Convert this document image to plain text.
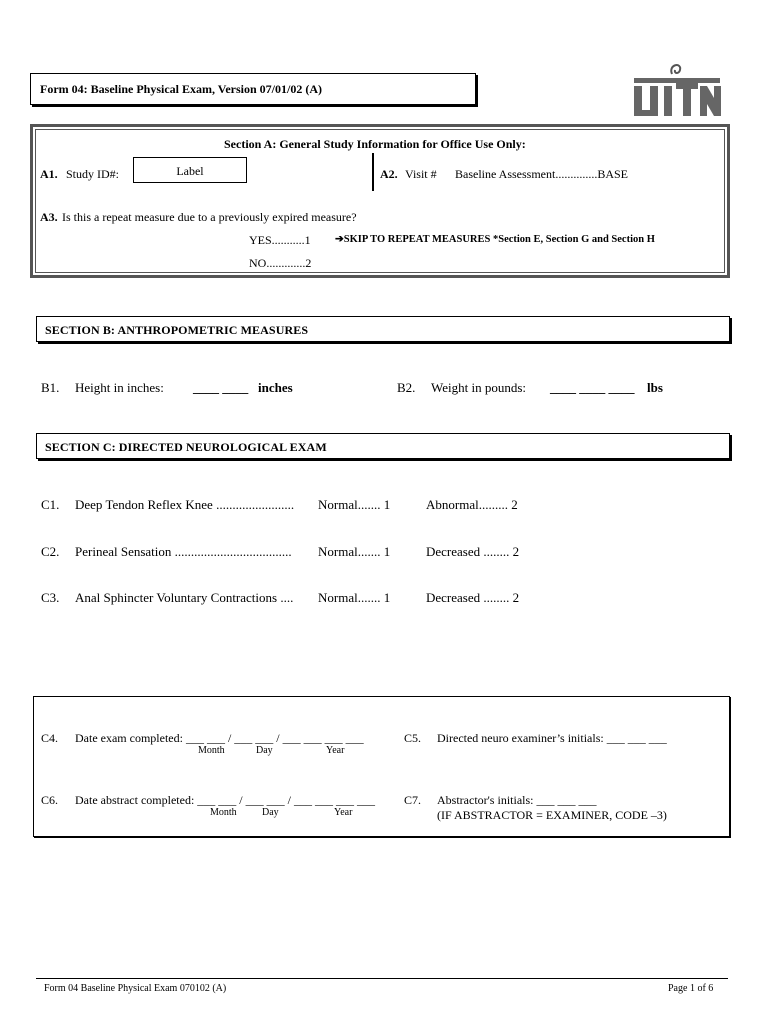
Form 04: Baseline Physical Exam, Version 07/01/02 (A)
Section A: General Study Information for Office Use Only:
A1. Study ID#:	Label	A2. Visit # Baseline Assessment..............BASE
A3. Is this a repeat measure due to a previously expired measure?
YES...........1 ➔SKIP TO REPEAT MEASURES *Section E, Section G and Section H
NO.............2
SECTION B: ANTHROPOMETRIC MEASURES
B1. Height in inches: ____ ____ inches	B2. Weight in pounds: ____ ____ ____ lbs
SECTION C: DIRECTED NEUROLOGICAL EXAM
C1. Deep Tendon Reflex Knee ........................ Normal....... 1	Abnormal......... 2
C2. Perineal Sensation .................................... Normal....... 1	Decreased ........ 2
C3. Anal Sphincter Voluntary Contractions .... Normal....... 1	Decreased ........ 2
C4. Date exam completed: ___ ___ / ___ ___ / ___ ___ ___ ___
Month	Day	Year
C5. Directed neuro examiner’s initials: ___ ___ ___
C6. Date abstract completed: ___ ___ / ___ ___ / ___ ___ ___ ___
Month	Day	Year
C7. Abstractor's initials: ___ ___ ___
(IF ABSTRACTOR = EXAMINER, CODE –3)
Form 04 Baseline Physical Exam 070102 (A)	Page 1 of 6
